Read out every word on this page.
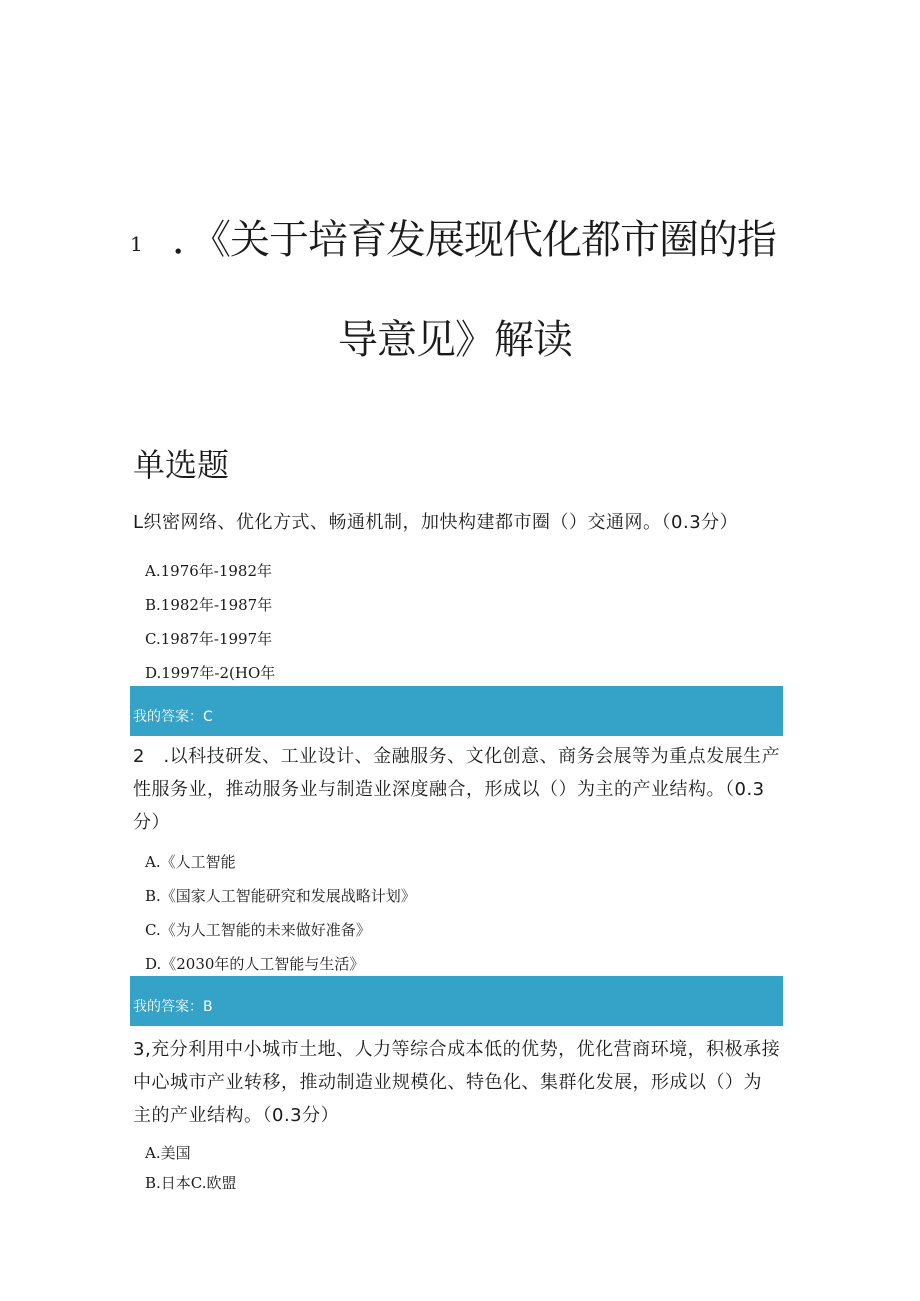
1 ．《关于培育发展现代化都市圈的指
导意见》解读
单选题
L织密网络、优化方式、畅通机制，加快构建都市圈（）交通网。（0.3分）
A.1976年-1982年
B.1982年-1987年
C.1987年-1997年
D.1997年-2(HO年
我的答案：C
2　.以科技研发、工业设计、金融服务、文化创意、商务会展等为重点发展生产
性服务业，推动服务业与制造业深度融合，形成以（）为主的产业结构。（0.3
分）
A.《人工智能
B.《国家人工智能研究和发展战略计划》
C.《为人工智能的未来做好准备》
D.《2030年的人工智能与生活》
我的答案：B
3,充分利用中小城市土地、人力等综合成本低的优势，优化营商环境，积极承接
中心城市产业转移，推动制造业规模化、特色化、集群化发展，形成以（）为
主的产业结构。（0.3分）
A.美国
B.日本C.欧盟
